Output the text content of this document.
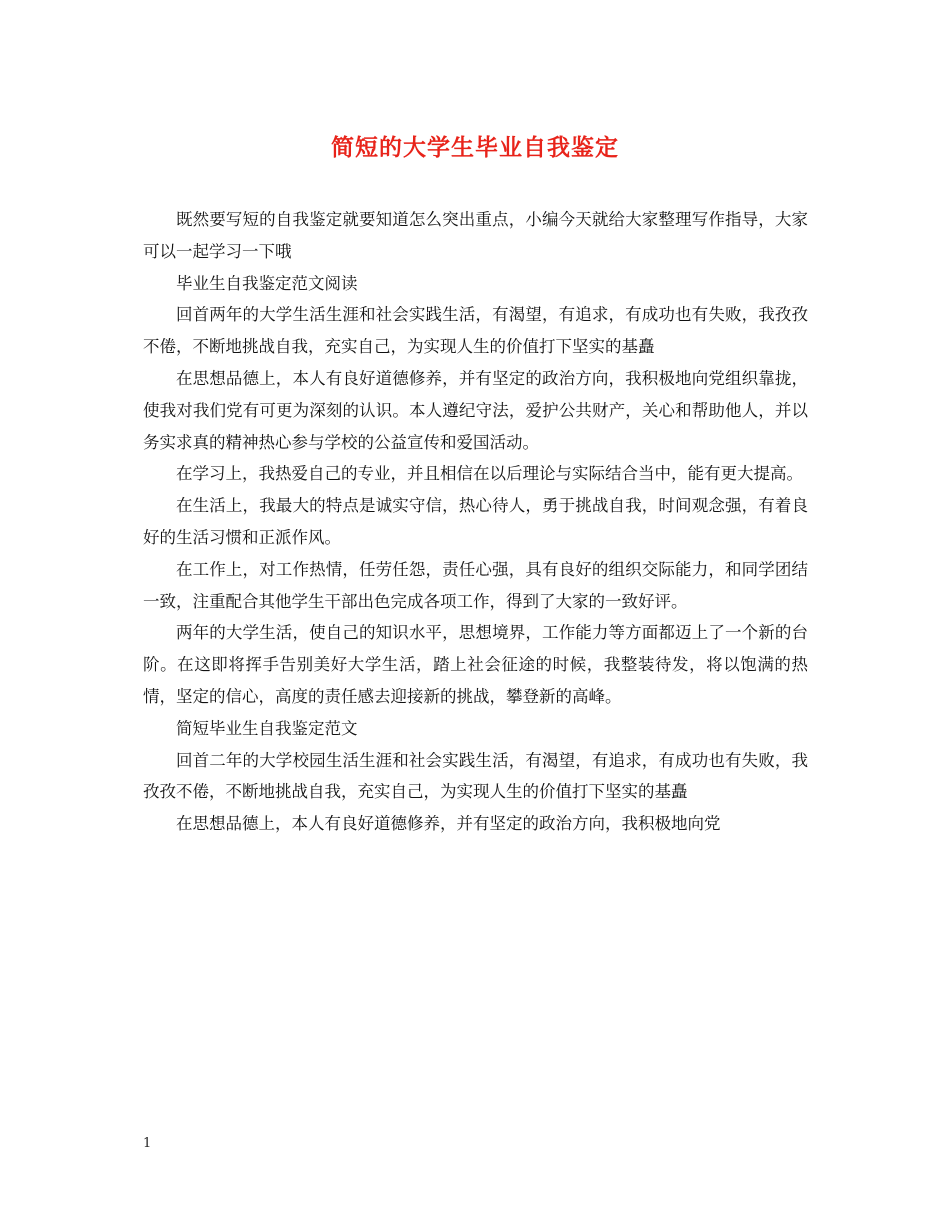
简短的大学生毕业自我鉴定

既然要写短的自我鉴定就要知道怎么突出重点，小编今天就给大家整理写作指导，大家可以一起学习一下哦

毕业生自我鉴定范文阅读

回首两年的大学生活生涯和社会实践生活，有渴望，有追求，有成功也有失败，我孜孜不倦，不断地挑战自我，充实自己，为实现人生的价值打下坚实的基矗

在思想品德上，本人有良好道德修养，并有坚定的政治方向，我积极地向党组织靠拢，使我对我们党有可更为深刻的认识。本人遵纪守法，爱护公共财产，关心和帮助他人，并以务实求真的精神热心参与学校的公益宣传和爱国活动。

在学习上，我热爱自己的专业，并且相信在以后理论与实际结合当中，能有更大提高。

在生活上，我最大的特点是诚实守信，热心待人，勇于挑战自我，时间观念强，有着良好的生活习惯和正派作风。

在工作上，对工作热情，任劳任怨，责任心强，具有良好的组织交际能力，和同学团结一致，注重配合其他学生干部出色完成各项工作，得到了大家的一致好评。

两年的大学生活，使自己的知识水平，思想境界，工作能力等方面都迈上了一个新的台阶。在这即将挥手告别美好大学生活，踏上社会征途的时候，我整装待发，将以饱满的热情，坚定的信心，高度的责任感去迎接新的挑战，攀登新的高峰。

简短毕业生自我鉴定范文

回首二年的大学校园生活生涯和社会实践生活，有渴望，有追求，有成功也有失败，我孜孜不倦，不断地挑战自我，充实自己，为实现人生的价值打下坚实的基矗

在思想品德上，本人有良好道德修养，并有坚定的政治方向，我积极地向党

1
